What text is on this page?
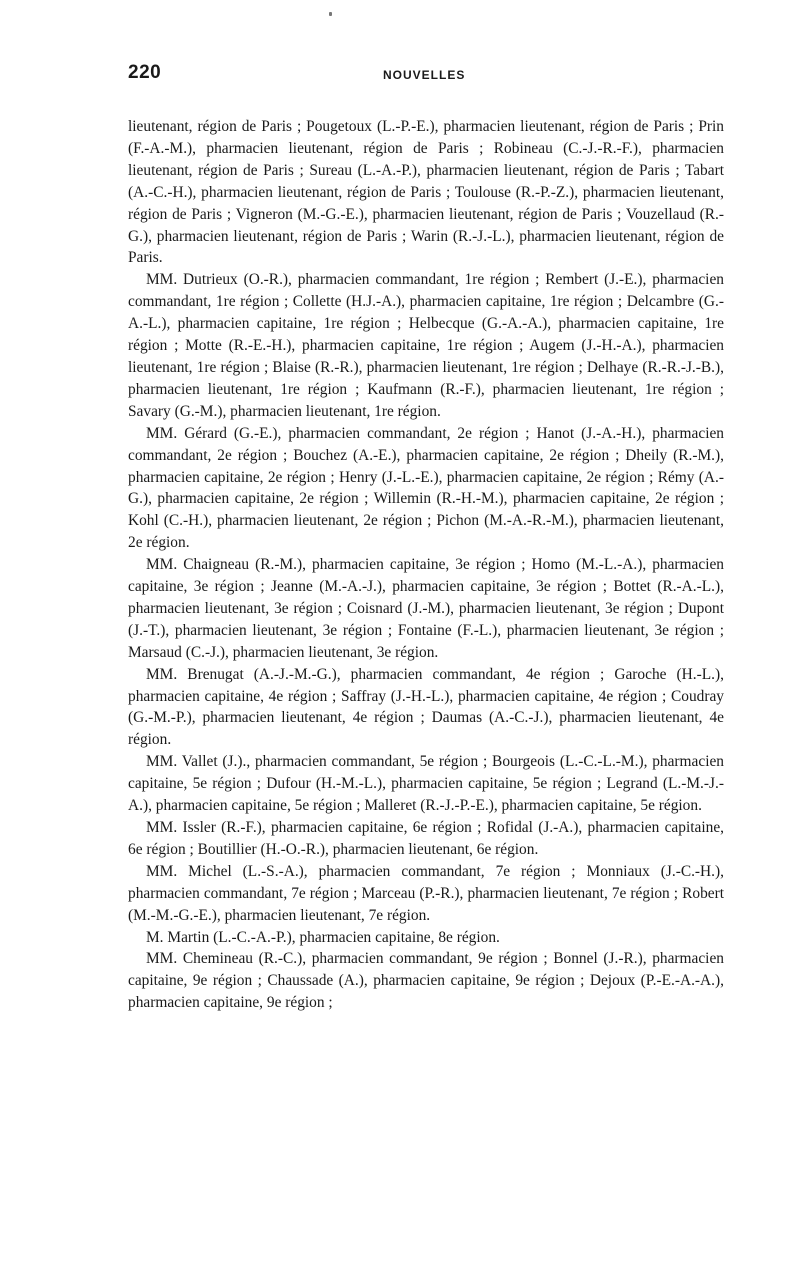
220	NOUVELLES

lieutenant, région de Paris ; Pougetoux (L.-P.-E.), pharmacien lieutenant, région de Paris ; Prin (F.-A.-M.), pharmacien lieutenant, région de Paris ; Robineau (C.-J.-R.-F.), pharmacien lieutenant, région de Paris ; Sureau (L.-A.-P.), pharmacien lieutenant, région de Paris ; Tabart (A.-C.-H.), pharmacien lieutenant, région de Paris ; Toulouse (R.-P.-Z.), pharmacien lieutenant, région de Paris ; Vigneron (M.-G.-E.), pharmacien lieutenant, région de Paris ; Vouzellaud (R.-G.), pharmacien lieutenant, région de Paris ; Warin (R.-J.-L.), pharmacien lieutenant, région de Paris.

MM. Dutrieux (O.-R.), pharmacien commandant, 1re région ; Rembert (J.-E.), pharmacien commandant, 1re région ; Collette (H.J.-A.), pharmacien capitaine, 1re région ; Delcambre (G.-A.-L.), pharmacien capitaine, 1re région ; Helbecque (G.-A.-A.), pharmacien capitaine, 1re région ; Motte (R.-E.-H.), pharmacien capitaine, 1re région ; Augem (J.-H.-A.), pharmacien lieutenant, 1re région ; Blaise (R.-R.), pharmacien lieutenant, 1re région ; Delhaye (R.-R.-J.-B.), pharmacien lieutenant, 1re région ; Kaufmann (R.-F.), pharmacien lieutenant, 1re région ; Savary (G.-M.), pharmacien lieutenant, 1re région.

MM. Gérard (G.-E.), pharmacien commandant, 2e région ; Hanot (J.-A.-H.), pharmacien commandant, 2e région ; Bouchez (A.-E.), pharmacien capitaine, 2e région ; Dheily (R.-M.), pharmacien capitaine, 2e région ; Henry (J.-L.-E.), pharmacien capitaine, 2e région ; Rémy (A.-G.), pharmacien capitaine, 2e région ; Willemin (R.-H.-M.), pharmacien capitaine, 2e région ; Kohl (C.-H.), pharmacien lieutenant, 2e région ; Pichon (M.-A.-R.-M.), pharmacien lieutenant, 2e région.

MM. Chaigneau (R.-M.), pharmacien capitaine, 3e région ; Homo (M.-L.-A.), pharmacien capitaine, 3e région ; Jeanne (M.-A.-J.), pharmacien capitaine, 3e région ; Bottet (R.-A.-L.), pharmacien lieutenant, 3e région ; Coisnard (J.-M.), pharmacien lieutenant, 3e région ; Dupont (J.-T.), pharmacien lieutenant, 3e région ; Fontaine (F.-L.), pharmacien lieutenant, 3e région ; Marsaud (C.-J.), pharmacien lieutenant, 3e région.

MM. Brenugat (A.-J.-M.-G.), pharmacien commandant, 4e région ; Garoche (H.-L.), pharmacien capitaine, 4e région ; Saffray (J.-H.-L.), pharmacien capitaine, 4e région ; Coudray (G.-M.-P.), pharmacien lieutenant, 4e région ; Daumas (A.-C.-J.), pharmacien lieutenant, 4e région.

MM. Vallet (J.)., pharmacien commandant, 5e région ; Bourgeois (L.-C.-L.-M.), pharmacien capitaine, 5e région ; Dufour (H.-M.-L.), pharmacien capitaine, 5e région ; Legrand (L.-M.-J.-A.), pharmacien capitaine, 5e région ; Malleret (R.-J.-P.-E.), pharmacien capitaine, 5e région.

MM. Issler (R.-F.), pharmacien capitaine, 6e région ; Rofidal (J.-A.), pharmacien capitaine, 6e région ; Boutillier (H.-O.-R.), pharmacien lieutenant, 6e région.

MM. Michel (L.-S.-A.), pharmacien commandant, 7e région ; Monniaux (J.-C.-H.), pharmacien commandant, 7e région ; Marceau (P.-R.), pharmacien lieutenant, 7e région ; Robert (M.-M.-G.-E.), pharmacien lieutenant, 7e région.

M. Martin (L.-C.-A.-P.), pharmacien capitaine, 8e région.

MM. Chemineau (R.-C.), pharmacien commandant, 9e région ; Bonnel (J.-R.), pharmacien capitaine, 9e région ; Chaussade (A.), pharmacien capitaine, 9e région ; Dejoux (P.-E.-A.-A.), pharmacien capitaine, 9e région ;
